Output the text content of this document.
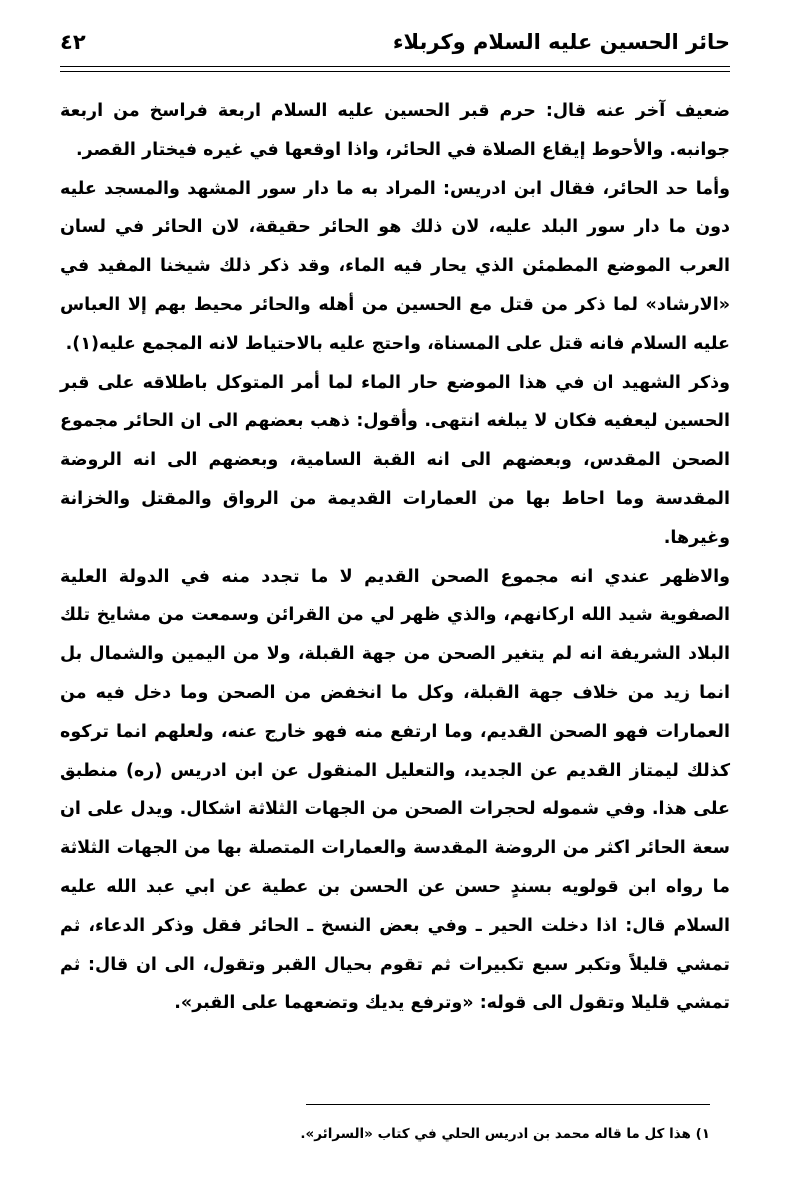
حائر الحسين عليه السلام وكربلاء
٤٢

ضعيف آخر عنه قال: حرم قبر الحسين عليه السلام اربعة فراسخ من اربعة جوانبه. والأحوط إيقاع الصلاة في الحائر، واذا اوقعها في غيره فيختار القصر.

وأما حد الحائر، فقال ابن ادريس: المراد به ما دار سور المشهد والمسجد عليه دون ما دار سور البلد عليه، لان ذلك هو الحائر حقيقة، لان الحائر في لسان العرب الموضع المطمئن الذي يحار فيه الماء، وقد ذكر ذلك شيخنا المفيد في «الارشاد» لما ذكر من قتل مع الحسين من أهله والحائر محيط بهم إلا العباس عليه السلام فانه قتل على المسناة، واحتج عليه بالاحتياط لانه المجمع عليه(١).

وذكر الشهيد ان في هذا الموضع حار الماء لما أمر المتوكل باطلاقه على قبر الحسين ليعفيه فكان لا يبلغه انتهى. وأقول: ذهب بعضهم الى ان الحائر مجموع الصحن المقدس، وبعضهم الى انه القبة السامية، وبعضهم الى انه الروضة المقدسة وما احاط بها من العمارات القديمة من الرواق والمقتل والخزانة وغيرها.

والاظهر عندي انه مجموع الصحن القديم لا ما تجدد منه في الدولة العلية الصفوية شيد الله اركانهم، والذي ظهر لي من القرائن وسمعت من مشايخ تلك البلاد الشريفة انه لم يتغير الصحن من جهة القبلة، ولا من اليمين والشمال بل انما زيد من خلاف جهة القبلة، وكل ما انخفض من الصحن وما دخل فيه من العمارات فهو الصحن القديم، وما ارتفع منه فهو خارج عنه، ولعلهم انما تركوه كذلك ليمتاز القديم عن الجديد، والتعليل المنقول عن ابن ادريس (ره) منطبق على هذا. وفي شموله لحجرات الصحن من الجهات الثلاثة اشكال. ويدل على ان سعة الحائر اكثر من الروضة المقدسة والعمارات المتصلة بها من الجهات الثلاثة ما رواه ابن قولويه بسندٍ حسن عن الحسن بن عطية عن ابي عبد الله عليه السلام قال: اذا دخلت الحير ـ وفي بعض النسخ ـ الحائر فقل وذكر الدعاء، ثم تمشي قليلاً وتكبر سبع تكبيرات ثم تقوم بحيال القبر وتقول، الى ان قال: ثم تمشي قليلا وتقول الى قوله: «وترفع يديك وتضعهما على القبر».

١) هذا كل ما قاله محمد بن ادريس الحلي في كتاب «السرائر».
